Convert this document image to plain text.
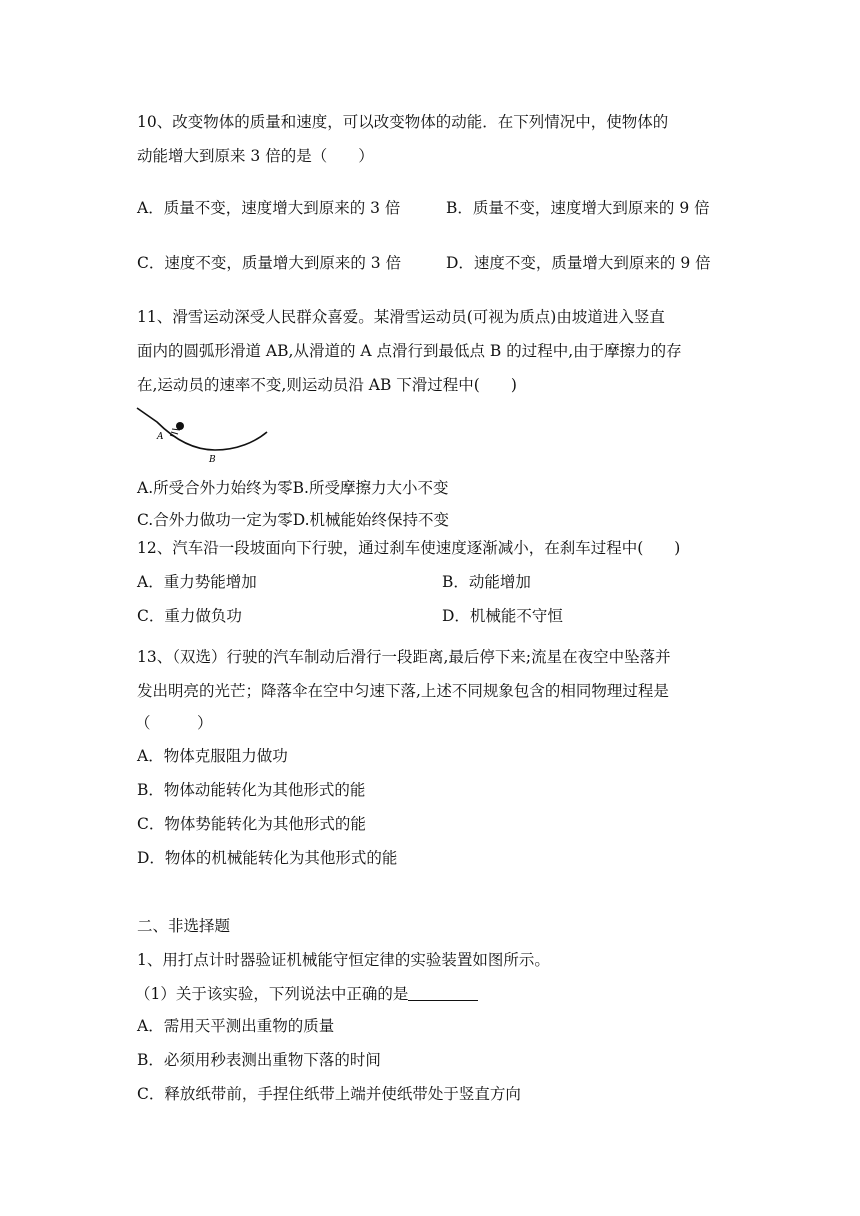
10、改变物体的质量和速度，可以改变物体的动能．在下列情况中，使物体的
动能增大到原来 3 倍的是（　　）
A．质量不变，速度增大到原来的 3 倍	B．质量不变，速度增大到原来的 9 倍
C．速度不变，质量增大到原来的 3 倍	D．速度不变，质量增大到原来的 9 倍
11、滑雪运动深受人民群众喜爱。某滑雪运动员(可视为质点)由坡道进入竖直
面内的圆弧形滑道 AB,从滑道的 A 点滑行到最低点 B 的过程中,由于摩擦力的存
在,运动员的速率不变,则运动员沿 AB 下滑过程中(　　)
A
B
A.所受合外力始终为零B.所受摩擦力大小不变
C.合外力做功一定为零D.机械能始终保持不变
12、汽车沿一段坡面向下行驶，通过刹车使速度逐渐减小，在刹车过程中(　　)
A．重力势能增加	B．动能增加
C．重力做负功	D．机械能不守恒
13、（双选）行驶的汽车制动后滑行一段距离,最后停下来;流星在夜空中坠落并
发出明亮的光芒；降落伞在空中匀速下落,上述不同规象包含的相同物理过程是
（　　　）
A．物体克服阻力做功
B．物体动能转化为其他形式的能
C．物体势能转化为其他形式的能
D．物体的机械能转化为其他形式的能
二、非选择题
1、用打点计时器验证机械能守恒定律的实验装置如图所示。
（1）关于该实验，下列说法中正确的是
A．需用天平测出重物的质量
B．必须用秒表测出重物下落的时间
C．释放纸带前，手捏住纸带上端并使纸带处于竖直方向
